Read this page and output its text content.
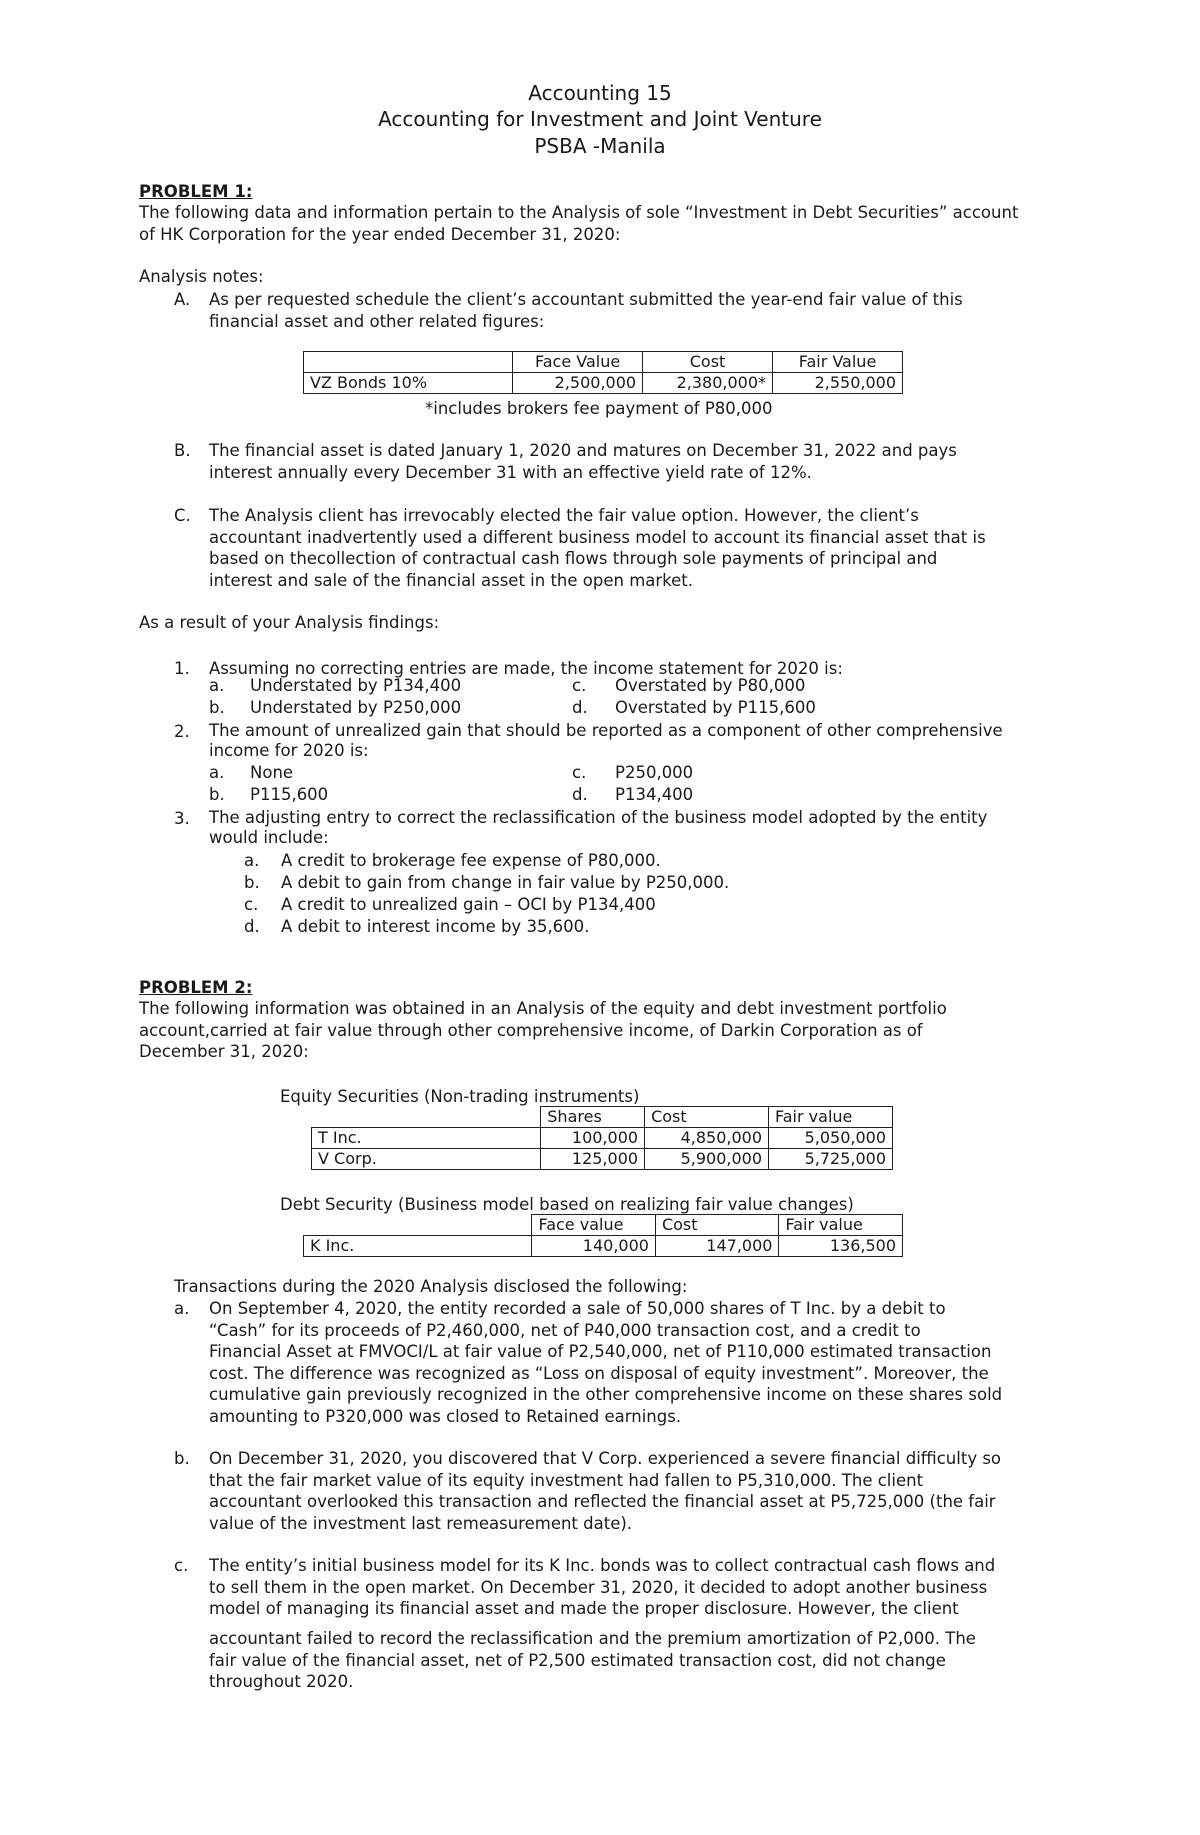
Accounting 15
Accounting for Investment and Joint Venture
PSBA -Manila
PROBLEM 1:
The following data and information pertain to the Analysis of sole “Investment in Debt Securities” account
of HK Corporation for the year ended December 31, 2020:
Analysis notes:
A. As per requested schedule the client’s accountant submitted the year-end fair value of this
financial asset and other related figures:
	Face Value	Cost	Fair Value
VZ Bonds 10%	2,500,000	2,380,000*	2,550,000
*includes brokers fee payment of P80,000
B. The financial asset is dated January 1, 2020 and matures on December 31, 2022 and pays
interest annually every December 31 with an effective yield rate of 12%.
C. The Analysis client has irrevocably elected the fair value option. However, the client’s
accountant inadvertently used a different business model to account its financial asset that is
based on thecollection of contractual cash flows through sole payments of principal and
interest and sale of the financial asset in the open market.
As a result of your Analysis findings:
1. Assuming no correcting entries are made, the income statement for 2020 is:
a. Understated by P134,400	c. Overstated by P80,000
b. Understated by P250,000	d. Overstated by P115,600
2. The amount of unrealized gain that should be reported as a component of other comprehensive
income for 2020 is:
a. None	c. P250,000
b. P115,600	d. P134,400
3. The adjusting entry to correct the reclassification of the business model adopted by the entity
would include:
a. A credit to brokerage fee expense of P80,000.
b. A debit to gain from change in fair value by P250,000.
c. A credit to unrealized gain – OCI by P134,400
d. A debit to interest income by 35,600.
PROBLEM 2:
The following information was obtained in an Analysis of the equity and debt investment portfolio
account,carried at fair value through other comprehensive income, of Darkin Corporation as of
December 31, 2020:
Equity Securities (Non-trading instruments)
	Shares	Cost	Fair value
T Inc.	100,000	4,850,000	5,050,000
V Corp.	125,000	5,900,000	5,725,000
Debt Security (Business model based on realizing fair value changes)
	Face value	Cost	Fair value
K Inc.	140,000	147,000	136,500
Transactions during the 2020 Analysis disclosed the following:
a. On September 4, 2020, the entity recorded a sale of 50,000 shares of T Inc. by a debit to
“Cash” for its proceeds of P2,460,000, net of P40,000 transaction cost, and a credit to
Financial Asset at FMVOCI/L at fair value of P2,540,000, net of P110,000 estimated transaction
cost. The difference was recognized as “Loss on disposal of equity investment”. Moreover, the
cumulative gain previously recognized in the other comprehensive income on these shares sold
amounting to P320,000 was closed to Retained earnings.
b. On December 31, 2020, you discovered that V Corp. experienced a severe financial difficulty so
that the fair market value of its equity investment had fallen to P5,310,000. The client
accountant overlooked this transaction and reflected the financial asset at P5,725,000 (the fair
value of the investment last remeasurement date).
c. The entity’s initial business model for its K Inc. bonds was to collect contractual cash flows and
to sell them in the open market. On December 31, 2020, it decided to adopt another business
model of managing its financial asset and made the proper disclosure. However, the client
accountant failed to record the reclassification and the premium amortization of P2,000. The
fair value of the financial asset, net of P2,500 estimated transaction cost, did not change
throughout 2020.
